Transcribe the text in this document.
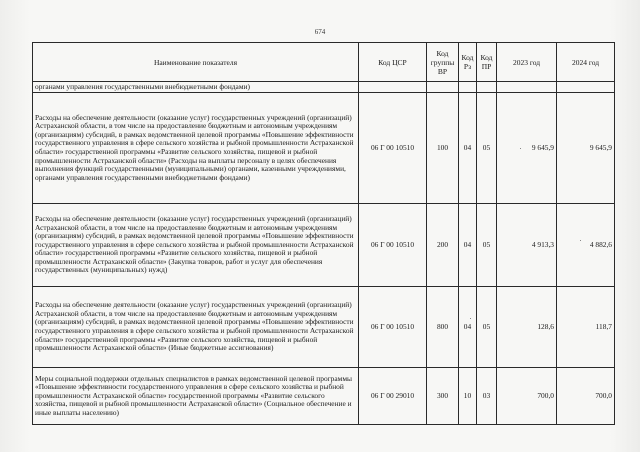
674
Наименование показателя	Код ЦСР	Код группы ВР	Код Рз	Код ПР	2023 год	2024 год
органами управления государственными внебюджетными фондами)						
Расходы на обеспечение деятельности (оказание услуг) государственных учреждений (организаций) Астраханской области, в том числе на предоставление бюджетным и автономным учреждениям (организациям) субсидий, в рамках ведомственной целевой программы «Повышение эффективности государственного управления в сфере сельского хозяйства и рыбной промышленности Астраханской области» государственной программы «Развитие сельского хозяйства, пищевой и рыбной промышленности Астраханской области» (Расходы на выплаты персоналу в целях обеспечения выполнения функций государственными (муниципальными) органами, казенными учреждениями, органами управления государственными внебюджетными фондами)	06 Г 00 10510	100	04	05	9 645,9	9 645,9
Расходы на обеспечение деятельности (оказание услуг) государственных учреждений (организаций) Астраханской области, в том числе на предоставление бюджетным и автономным учреждениям (организациям) субсидий, в рамках ведомственной целевой программы «Повышение эффективности государственного управления в сфере сельского хозяйства и рыбной промышленности Астраханской области» государственной программы «Развитие сельского хозяйства, пищевой и рыбной промышленности Астраханской области» (Закупка товаров, работ и услуг для обеспечения государственных (муниципальных) нужд)	06 Г 00 10510	200	04	05	4 913,3	4 882,6
Расходы на обеспечение деятельности (оказание услуг) государственных учреждений (организаций) Астраханской области, в том числе на предоставление бюджетным и автономным учреждениям (организациям) субсидий, в рамках ведомственной целевой программы «Повышение эффективности государственного управления в сфере сельского хозяйства и рыбной промышленности Астраханской области» государственной программы «Развитие сельского хозяйства, пищевой и рыбной промышленности Астраханской области» (Иные бюджетные ассигнования)	06 Г 00 10510	800	04	05	128,6	118,7
Меры социальной поддержки отдельных специалистов в рамках ведомственной целевой программы «Повышение эффективности государственного управления в сфере сельского хозяйства и рыбной промышленности Астраханской области» государственной программы «Развитие сельского хозяйства, пищевой и рыбной промышленности Астраханской области» (Социальное обеспечение и иные выплаты населению)	06 Г 00 29010	300	10	03	700,0	700,0
